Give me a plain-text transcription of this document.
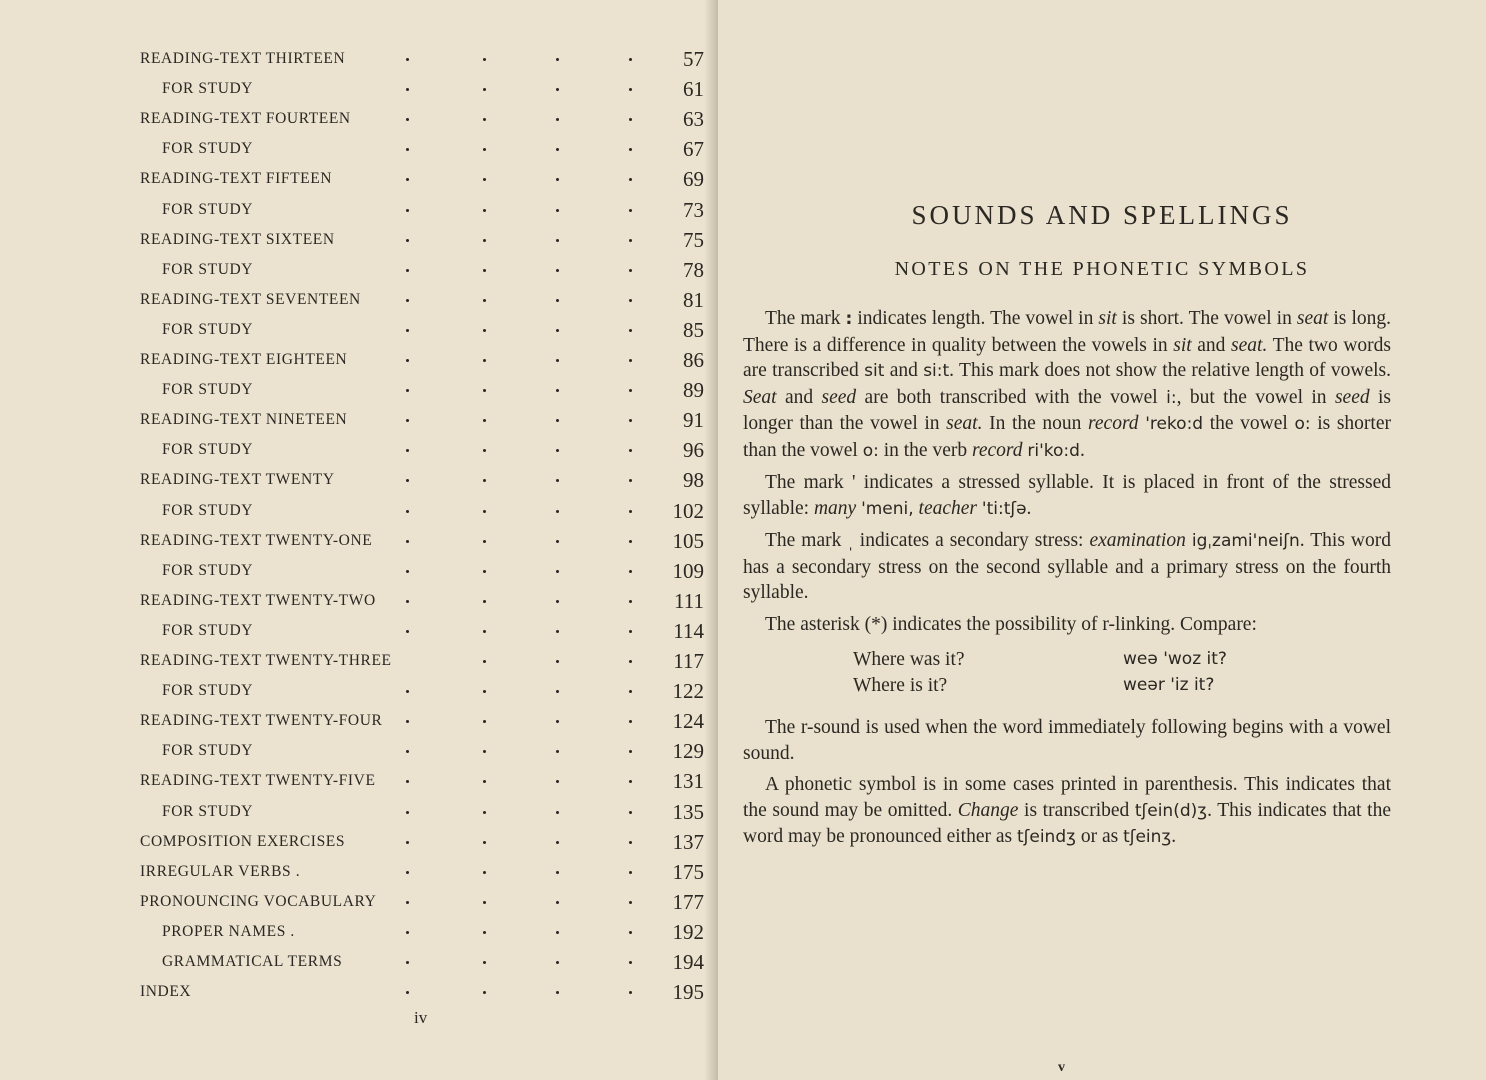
READING-TEXT THIRTEEN	57
FOR STUDY	61
READING-TEXT FOURTEEN	63
FOR STUDY	67
READING-TEXT FIFTEEN	69
FOR STUDY	73
READING-TEXT SIXTEEN	75
FOR STUDY	78
READING-TEXT SEVENTEEN	81
FOR STUDY	85
READING-TEXT EIGHTEEN	86
FOR STUDY	89
READING-TEXT NINETEEN	91
FOR STUDY	96
READING-TEXT TWENTY	98
FOR STUDY	102
READING-TEXT TWENTY-ONE	105
FOR STUDY	109
READING-TEXT TWENTY-TWO	111
FOR STUDY	114
READING-TEXT TWENTY-THREE	117
FOR STUDY	122
READING-TEXT TWENTY-FOUR	124
FOR STUDY	129
READING-TEXT TWENTY-FIVE	131
FOR STUDY	135
COMPOSITION EXERCISES	137
IRREGULAR VERBS .	175
PRONOUNCING VOCABULARY	177
PROPER NAMES .	192
GRAMMATICAL TERMS	194
INDEX	195
iv
SOUNDS AND SPELLINGS
NOTES ON THE PHONETIC SYMBOLS

The mark : indicates length. The vowel in sit is short. The vowel in seat is long. There is a difference in quality between the vowels in sit and seat. The two words are transcribed sit and si:t. This mark does not show the relative length of vowels. Seat and seed are both transcribed with the vowel i:, but the vowel in seed is longer than the vowel in seat. In the noun record 'reko:d the vowel o: is shorter than the vowel o: in the verb record ri'ko:d.

The mark ' indicates a stressed syllable. It is placed in front of the stressed syllable: many 'meni, teacher 'ti:tʃə.

The mark ˌ indicates a secondary stress: examination igˌzami'neiʃn. This word has a secondary stress on the second syllable and a primary stress on the fourth syllable.

The asterisk (*) indicates the possibility of r-linking. Compare:

Where was it?	weə 'woz it?
Where is it?	weər 'iz it?

The r-sound is used when the word immediately following begins with a vowel sound.

A phonetic symbol is in some cases printed in parenthesis. This indicates that the sound may be omitted. Change is transcribed tʃein(d)ʒ. This indicates that the word may be pronounced either as tʃeindʒ or as tʃeinʒ.

v
